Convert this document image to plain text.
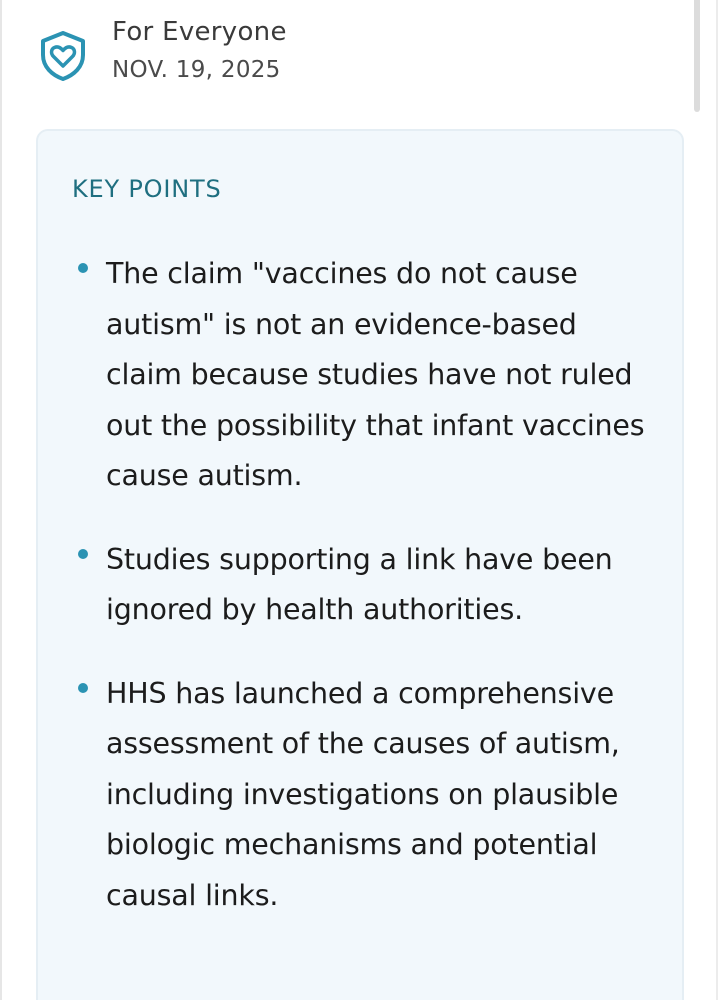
For Everyone
NOV. 19, 2025
KEY POINTS
The claim "vaccines do not cause autism" is not an evidence-based claim because studies have not ruled out the possibility that infant vaccines cause autism.
Studies supporting a link have been ignored by health authorities.
HHS has launched a comprehensive assessment of the causes of autism, including investigations on plausible biologic mechanisms and potential causal links.
